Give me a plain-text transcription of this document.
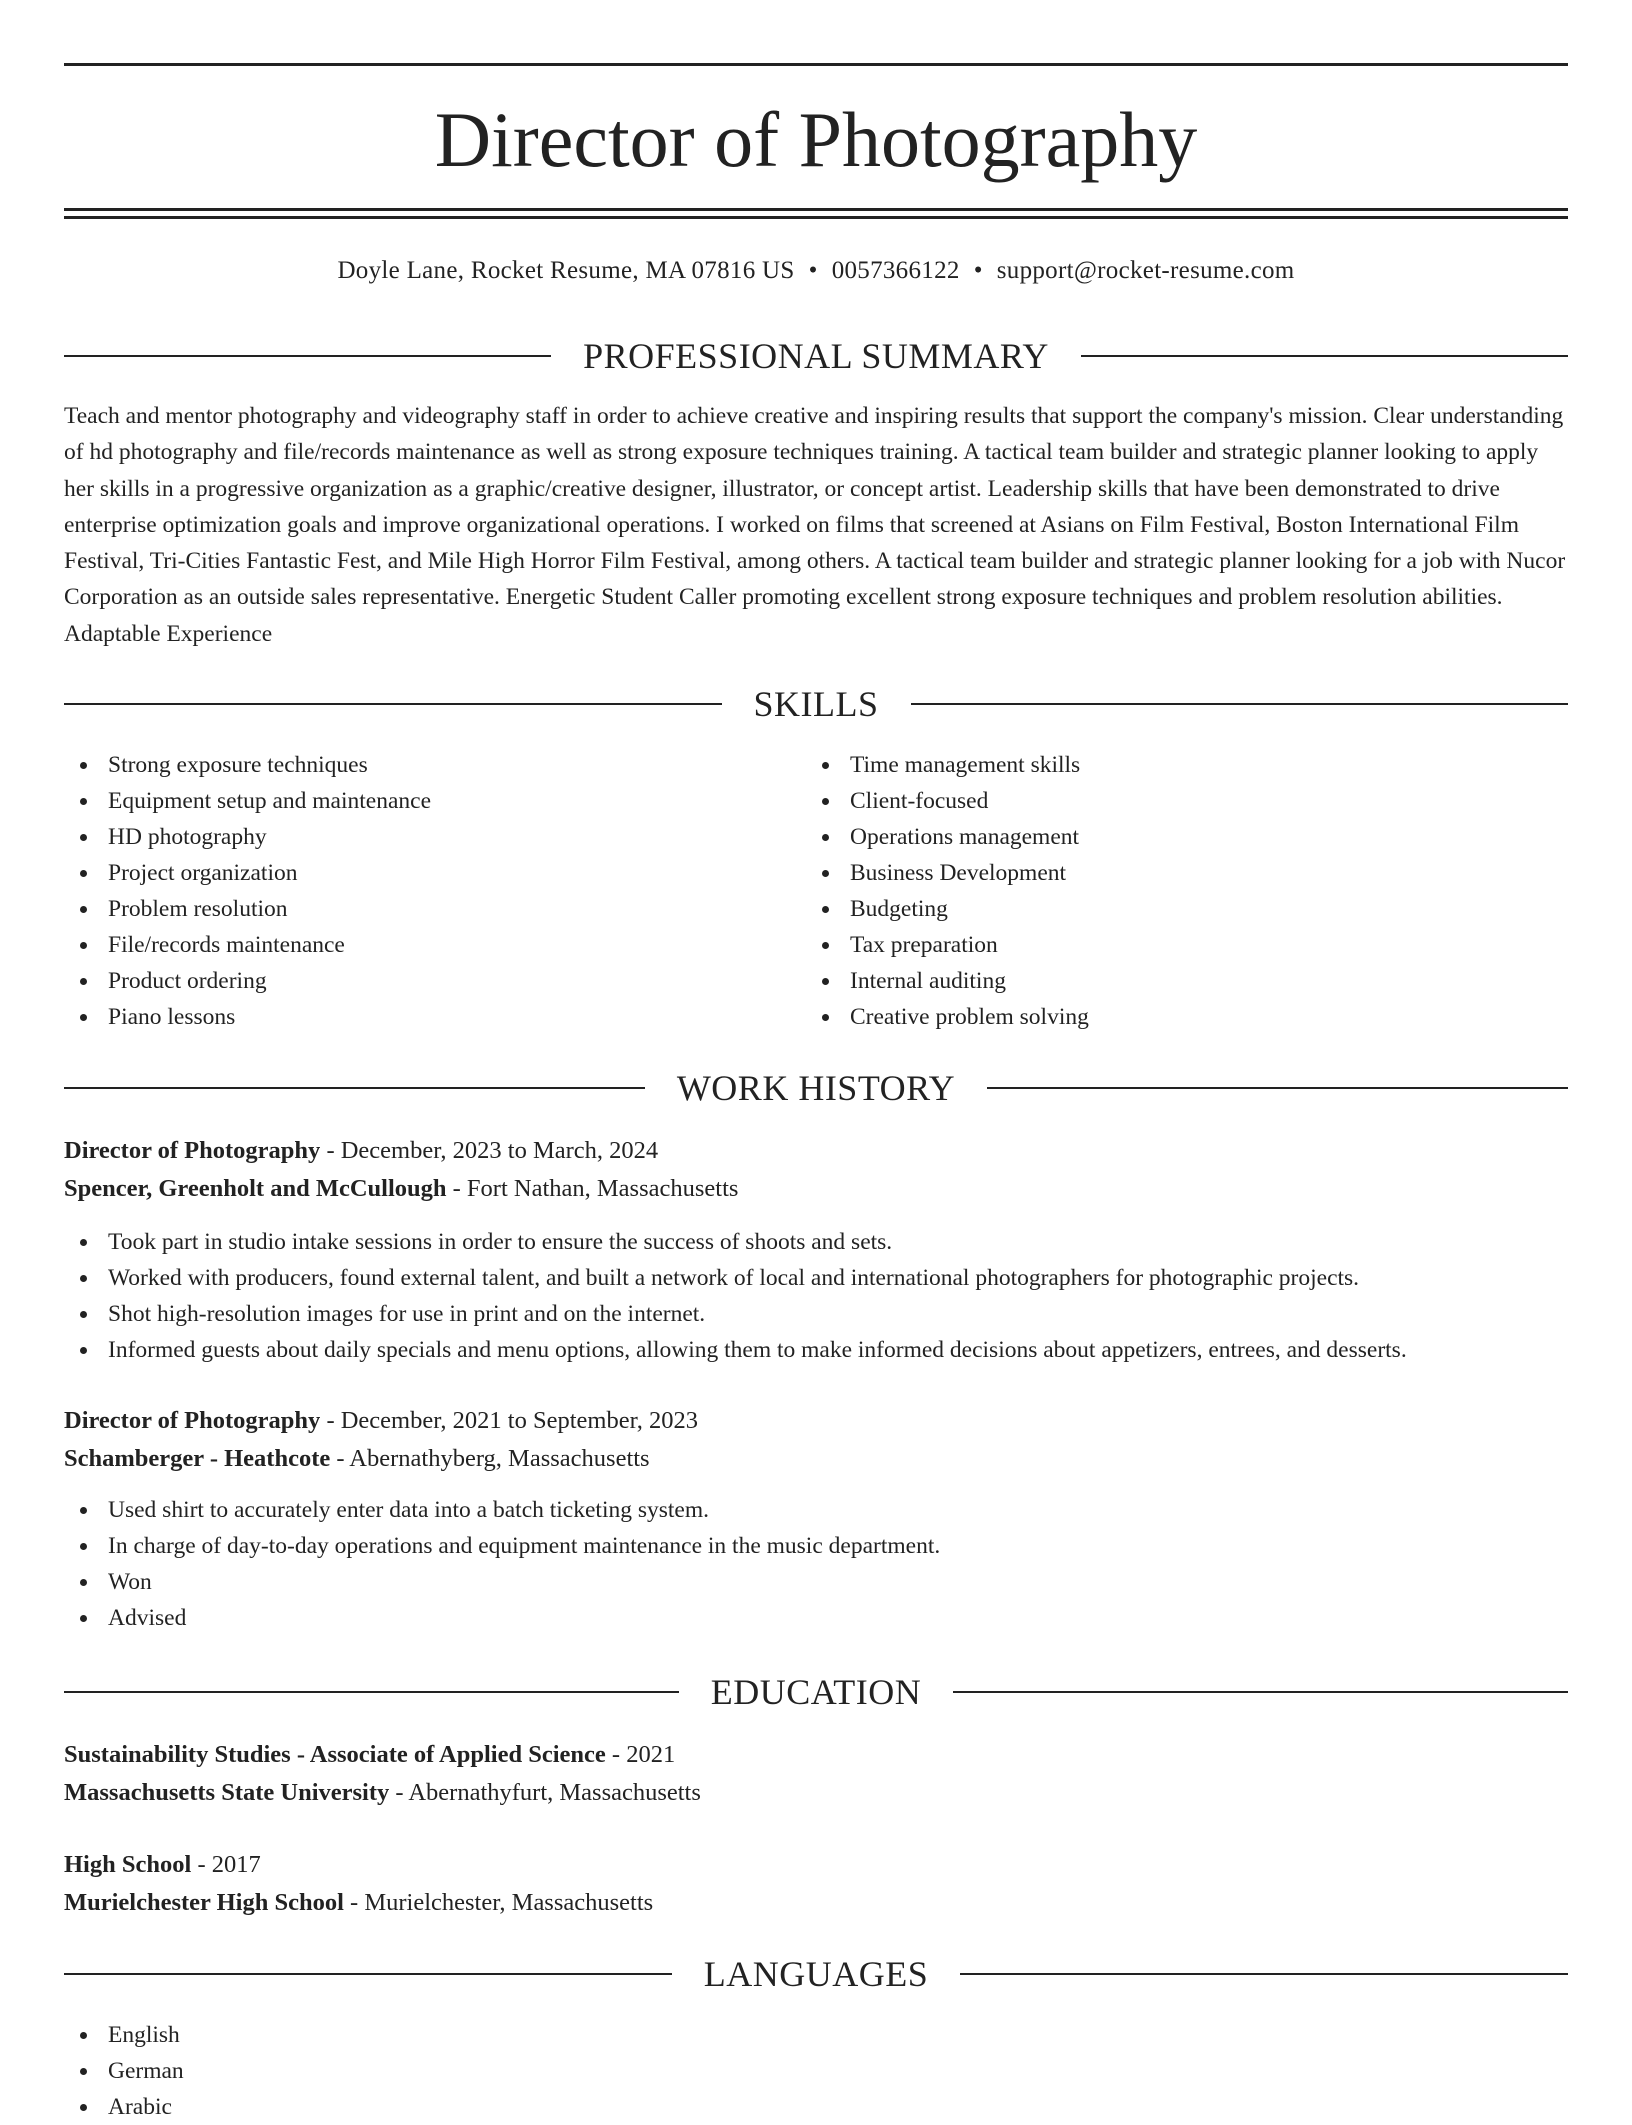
Director of Photography
Doyle Lane, Rocket Resume, MA 07816 US • 0057366122 • support@rocket-resume.com
PROFESSIONAL SUMMARY

Teach and mentor photography and videography staff in order to achieve creative and inspiring results that support the company's mission. Clear understanding of hd photography and file/records maintenance as well as strong exposure techniques training. A tactical team builder and strategic planner looking to apply her skills in a progressive organization as a graphic/creative designer, illustrator, or concept artist. Leadership skills that have been demonstrated to drive enterprise optimization goals and improve organizational operations. I worked on films that screened at Asians on Film Festival, Boston International Film Festival, Tri-Cities Fantastic Fest, and Mile High Horror Film Festival, among others. A tactical team builder and strategic planner looking for a job with Nucor Corporation as an outside sales representative. Energetic Student Caller promoting excellent strong exposure techniques and problem resolution abilities. Adaptable Experience

SKILLS
Strong exposure techniques
Equipment setup and maintenance
HD photography
Project organization
Problem resolution
File/records maintenance
Product ordering
Piano lessons
Time management skills
Client-focused
Operations management
Business Development
Budgeting
Tax preparation
Internal auditing
Creative problem solving
WORK HISTORY
Director of Photography - December, 2023 to March, 2024
Spencer, Greenholt and McCullough - Fort Nathan, Massachusetts
Took part in studio intake sessions in order to ensure the success of shoots and sets.
Worked with producers, found external talent, and built a network of local and international photographers for photographic projects.
Shot high-resolution images for use in print and on the internet.
Informed guests about daily specials and menu options, allowing them to make informed decisions about appetizers, entrees, and desserts.
Director of Photography - December, 2021 to September, 2023
Schamberger - Heathcote - Abernathyberg, Massachusetts
Used shirt to accurately enter data into a batch ticketing system.
In charge of day-to-day operations and equipment maintenance in the music department.
Won
Advised
EDUCATION
Sustainability Studies - Associate of Applied Science - 2021
Massachusetts State University - Abernathyfurt, Massachusetts
High School - 2017
Murielchester High School - Murielchester, Massachusetts
LANGUAGES
English
German
Arabic
